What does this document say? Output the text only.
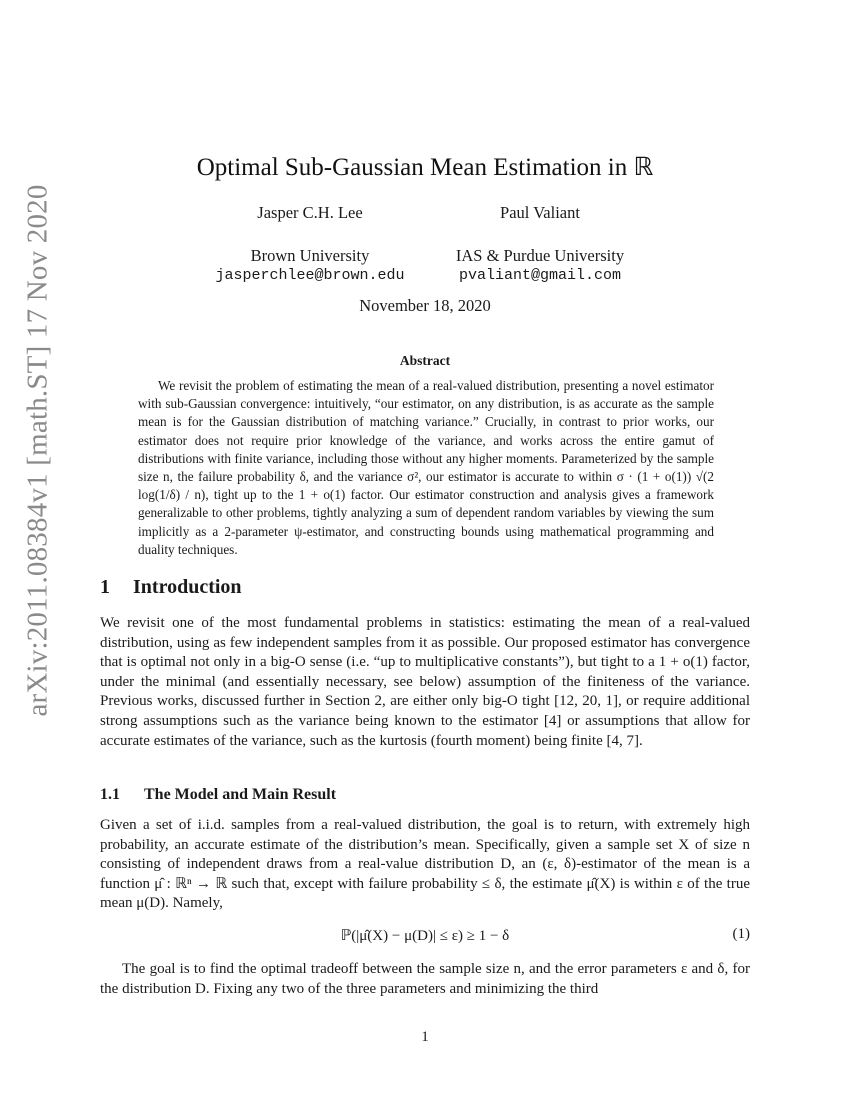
arXiv:2011.08384v1 [math.ST] 17 Nov 2020
Optimal Sub-Gaussian Mean Estimation in ℝ
Jasper C.H. Lee
Brown University
jasperchlee@brown.edu
Paul Valiant
IAS & Purdue University
pvaliant@gmail.com
November 18, 2020
Abstract

We revisit the problem of estimating the mean of a real-valued distribution, presenting a novel estimator with sub-Gaussian convergence: intuitively, “our estimator, on any distribution, is as accurate as the sample mean is for the Gaussian distribution of matching variance.” Crucially, in contrast to prior works, our estimator does not require prior knowledge of the variance, and works across the entire gamut of distributions with finite variance, including those without any higher moments. Parameterized by the sample size n, the failure probability δ, and the variance σ², our estimator is accurate to within σ · (1 + o(1)) √(2 log(1/δ) / n), tight up to the 1 + o(1) factor. Our estimator construction and analysis gives a framework generalizable to other problems, tightly analyzing a sum of dependent random variables by viewing the sum implicitly as a 2-parameter ψ-estimator, and constructing bounds using mathematical programming and duality techniques.

1 Introduction

We revisit one of the most fundamental problems in statistics: estimating the mean of a real-valued distribution, using as few independent samples from it as possible. Our proposed estimator has convergence that is optimal not only in a big-O sense (i.e. “up to multiplicative constants”), but tight to a 1 + o(1) factor, under the minimal (and essentially necessary, see below) assumption of the finiteness of the variance. Previous works, discussed further in Section 2, are either only big-O tight [12, 20, 1], or require additional strong assumptions such as the variance being known to the estimator [4] or assumptions that allow for accurate estimates of the variance, such as the kurtosis (fourth moment) being finite [4, 7].

1.1 The Model and Main Result

Given a set of i.i.d. samples from a real-valued distribution, the goal is to return, with extremely high probability, an accurate estimate of the distribution’s mean. Specifically, given a sample set X of size n consisting of independent draws from a real-value distribution D, an (ε, δ)-estimator of the mean is a function μ̂ : ℝⁿ → ℝ such that, except with failure probability ≤ δ, the estimate μ̂(X) is within ε of the true mean μ(D). Namely,

ℙ(|μ̂(X) − μ(D)| ≤ ε) ≥ 1 − δ	(1)

The goal is to find the optimal tradeoff between the sample size n, and the error parameters ε and δ, for the distribution D. Fixing any two of the three parameters and minimizing the third

1
